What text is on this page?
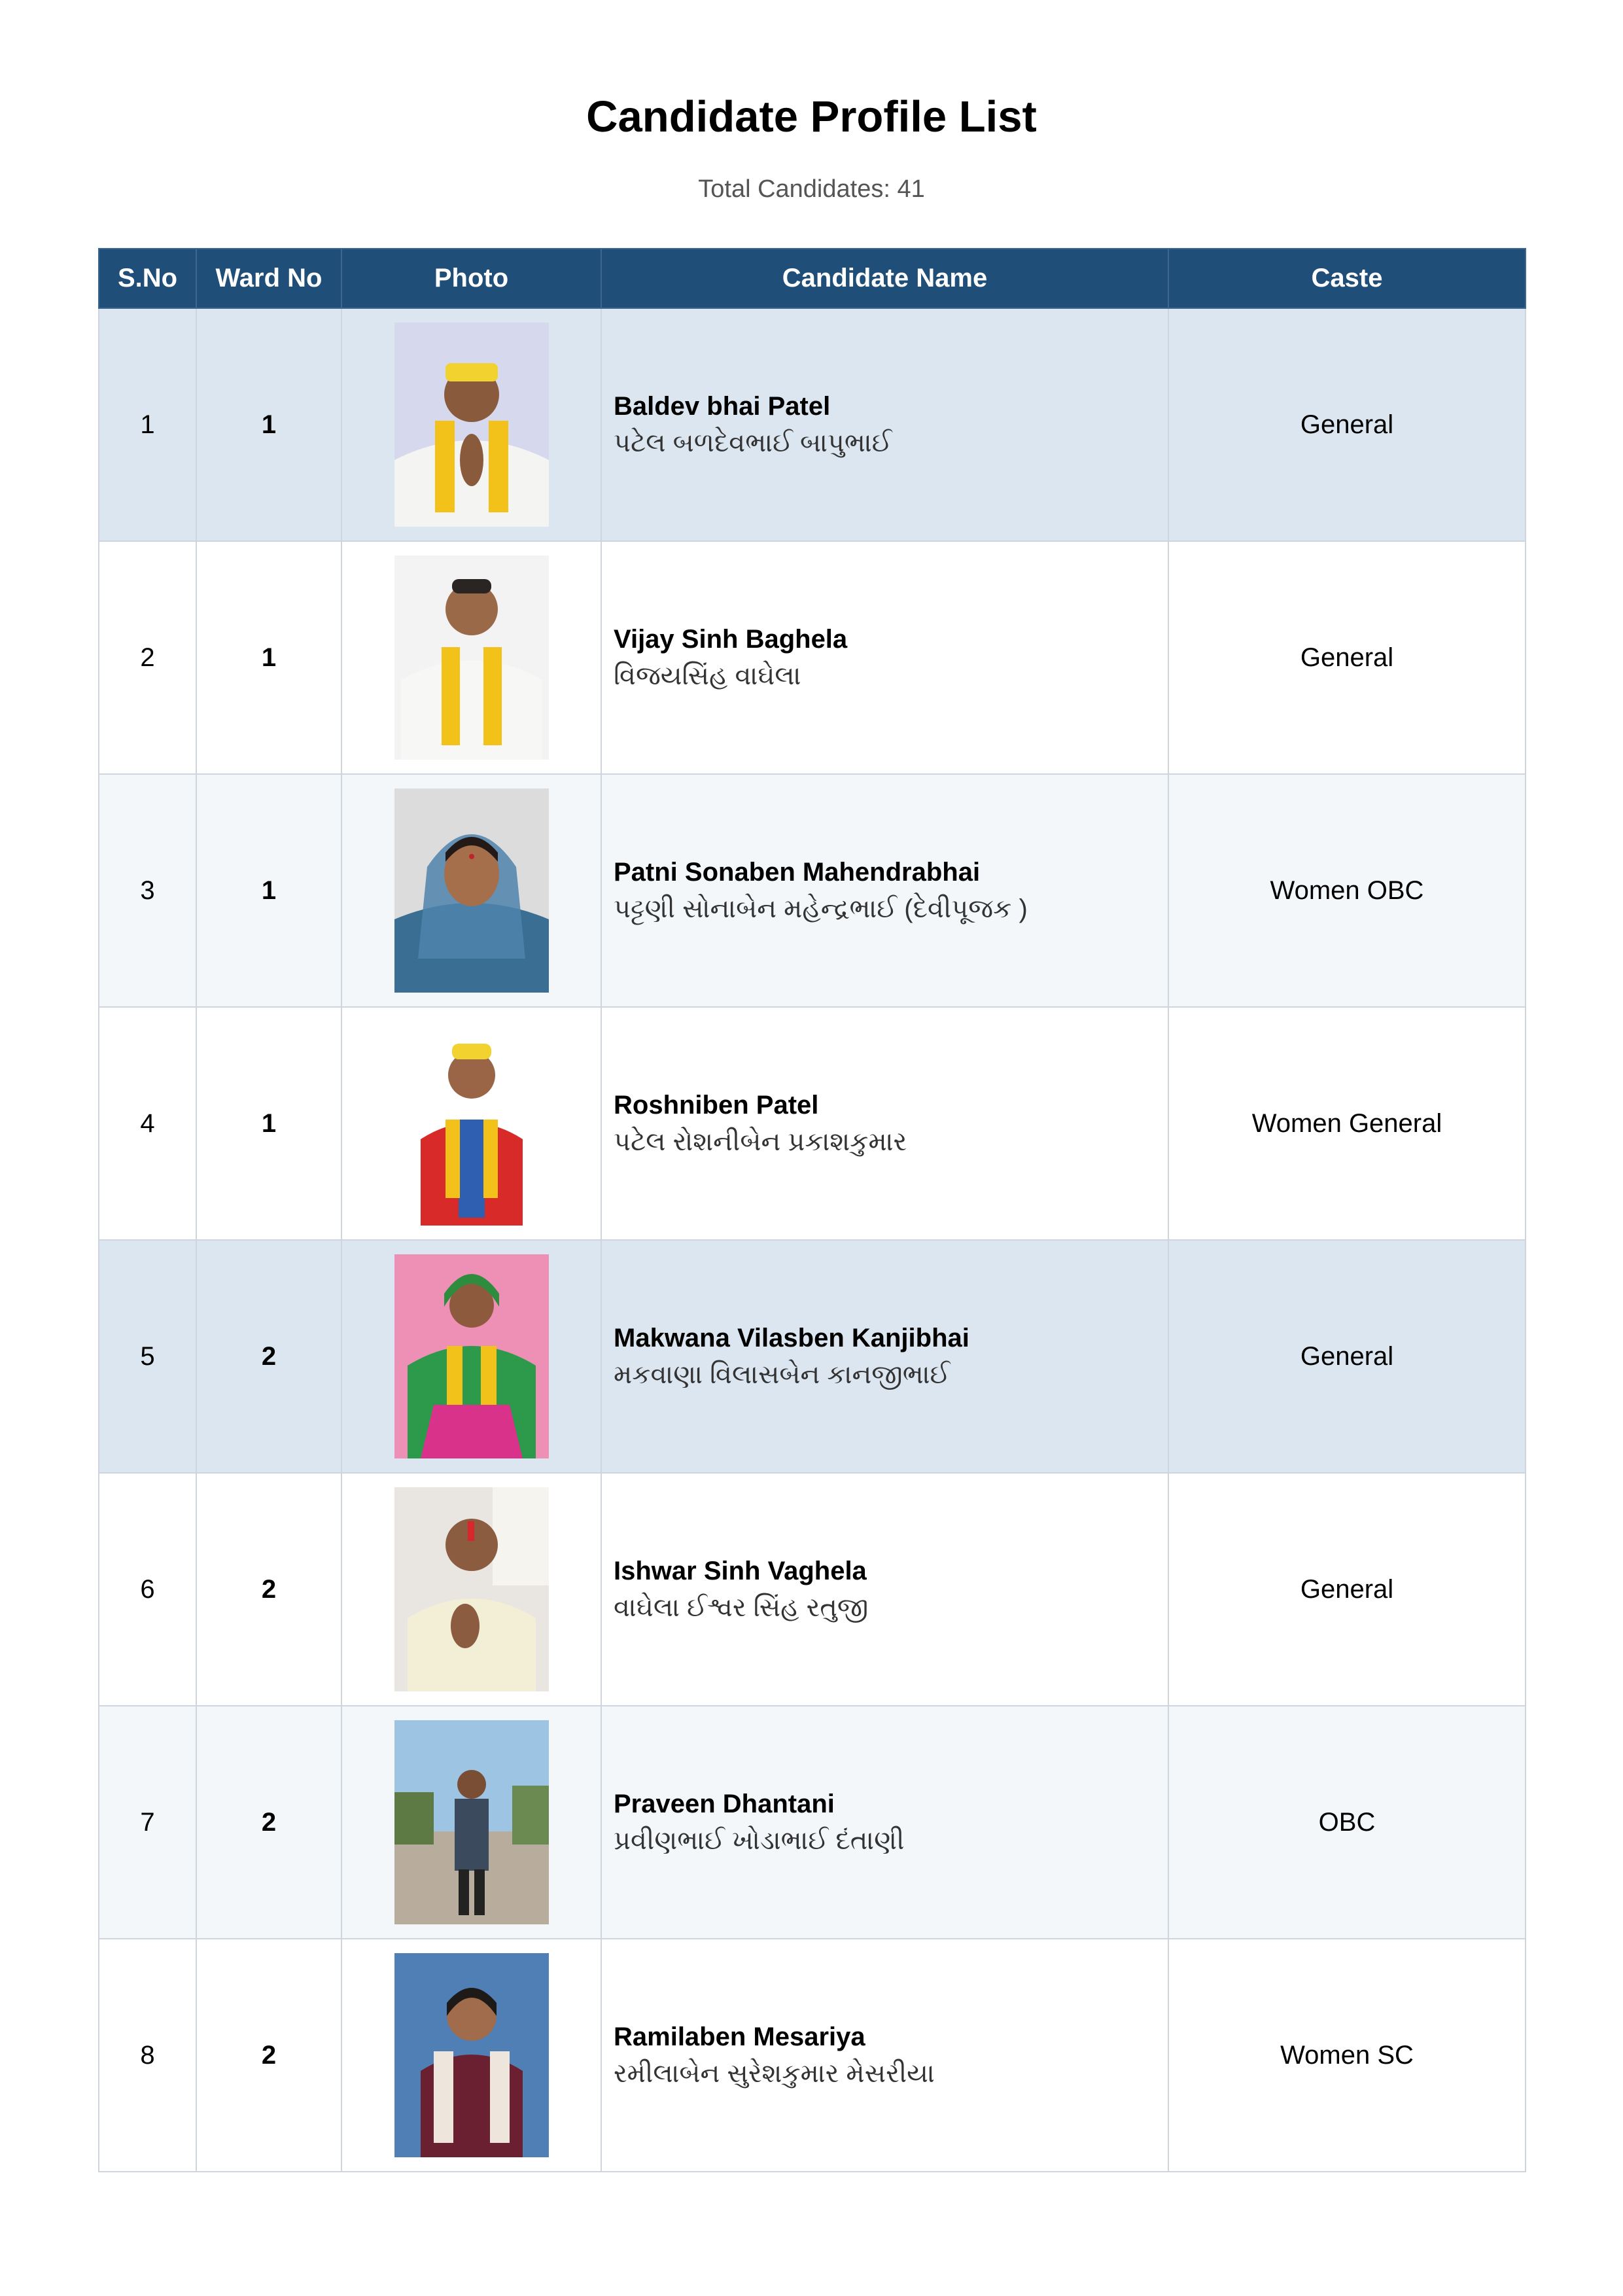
Candidate Profile List
Total Candidates: 41
S.No	Ward No	Photo	Candidate Name	Caste
1	1		Baldev bhai Patel
પટેલ બળદેવભાઈ બાપુભાઈ	General
2	1		Vijay Sinh Baghela
વિજયસિંહ વાઘેલા	General
3	1		Patni Sonaben Mahendrabhai
પટ્ટણી સોનાબેન મહેન્દ્રભાઈ (દેવીપૂજક )	Women OBC
4	1		Roshniben Patel
પટેલ રોશનીબેન પ્રકાશકુમાર	Women General
5	2		Makwana Vilasben Kanjibhai
મકવાણા વિલાસબેન કાનજીભાઈ	General
6	2		Ishwar Sinh Vaghela
વાઘેલા ઈશ્વર સિંહ રતુજી	General
7	2		Praveen Dhantani
પ્રવીણભાઈ ખોડાભાઈ દંતાણી	OBC
8	2		Ramilaben Mesariya
રમીલાબેન સુરેશકુમાર મેસરીયા	Women SC
